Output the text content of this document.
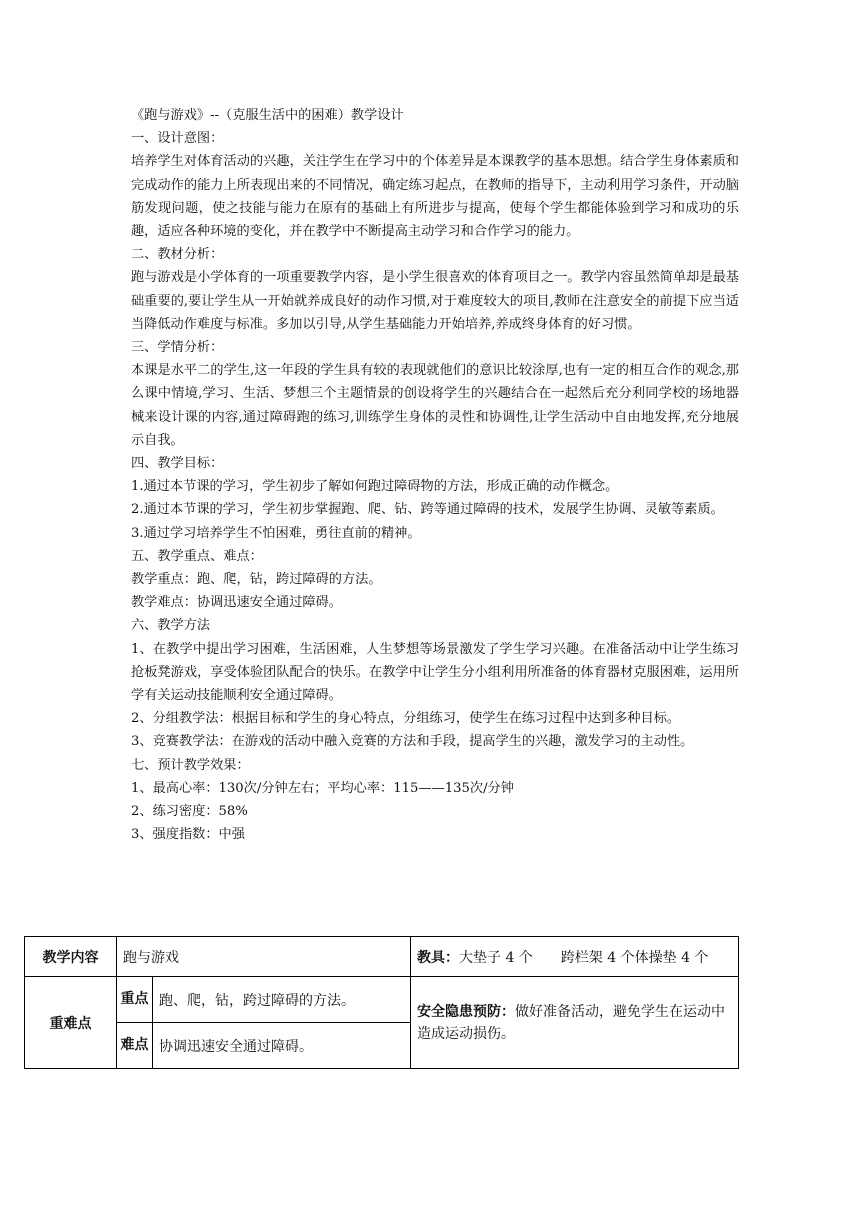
《跑与游戏》--（克服生活中的困难）教学设计

一、设计意图：

培养学生对体育活动的兴趣，关注学生在学习中的个体差异是本课教学的基本思想。结合学生身体素质和完成动作的能力上所表现出来的不同情况，确定练习起点，在教师的指导下，主动利用学习条件，开动脑筋发现问题，使之技能与能力在原有的基础上有所进步与提高，使每个学生都能体验到学习和成功的乐趣，适应各种环境的变化，并在教学中不断提高主动学习和合作学习的能力。

二、教材分析：

跑与游戏是小学体育的一项重要教学内容，是小学生很喜欢的体育项目之一。教学内容虽然简单却是最基础重要的,要让学生从一开始就养成良好的动作习惯,对于难度较大的项目,教师在注意安全的前提下应当适当降低动作难度与标准。多加以引导,从学生基础能力开始培养,养成终身体育的好习惯。

三、学情分析：

本课是水平二的学生,这一年段的学生具有较的表现就他们的意识比较涂厚,也有一定的相互合作的观念,那么课中情境,学习、生活、梦想三个主题情景的创设将学生的兴趣结合在一起然后充分利同学校的场地器械来设计课的内容,通过障碍跑的练习,训练学生身体的灵性和协调性,让学生活动中自由地发挥,充分地展示自我。

四、教学目标：

1.通过本节课的学习，学生初步了解如何跑过障碍物的方法，形成正确的动作概念。

2.通过本节课的学习，学生初步掌握跑、爬、钻、跨等通过障碍的技术，发展学生协调、灵敏等素质。

3.通过学习培养学生不怕困难，勇往直前的精神。

五、教学重点、难点：

教学重点：跑、爬，钻，跨过障碍的方法。

教学难点：协调迅速安全通过障碍。

六、教学方法

1、在教学中提出学习困难，生活困难，人生梦想等场景激发了学生学习兴趣。在准备活动中让学生练习抢板凳游戏，享受体验团队配合的快乐。在教学中让学生分小组利用所准备的体育器材克服困难，运用所学有关运动技能顺利安全通过障碍。

2、分组教学法：根据目标和学生的身心特点，分组练习，使学生在练习过程中达到多种目标。

3、竞赛教学法：在游戏的活动中融入竞赛的方法和手段，提高学生的兴趣，激发学习的主动性。

七、预计教学效果：

1、最高心率：130次/分钟左右；平均心率：115——135次/分钟

2、练习密度：58%

3、强度指数：中强

教学内容	跑与游戏		教具：大垫子 4 个　　跨栏架 4 个体操垫 4 个
重难点	重点	跑、爬，钻，跨过障碍的方法。	安全隐患预防：做好准备活动，避免学生在运动中造成运动损伤。
	难点	协调迅速安全通过障碍。	
